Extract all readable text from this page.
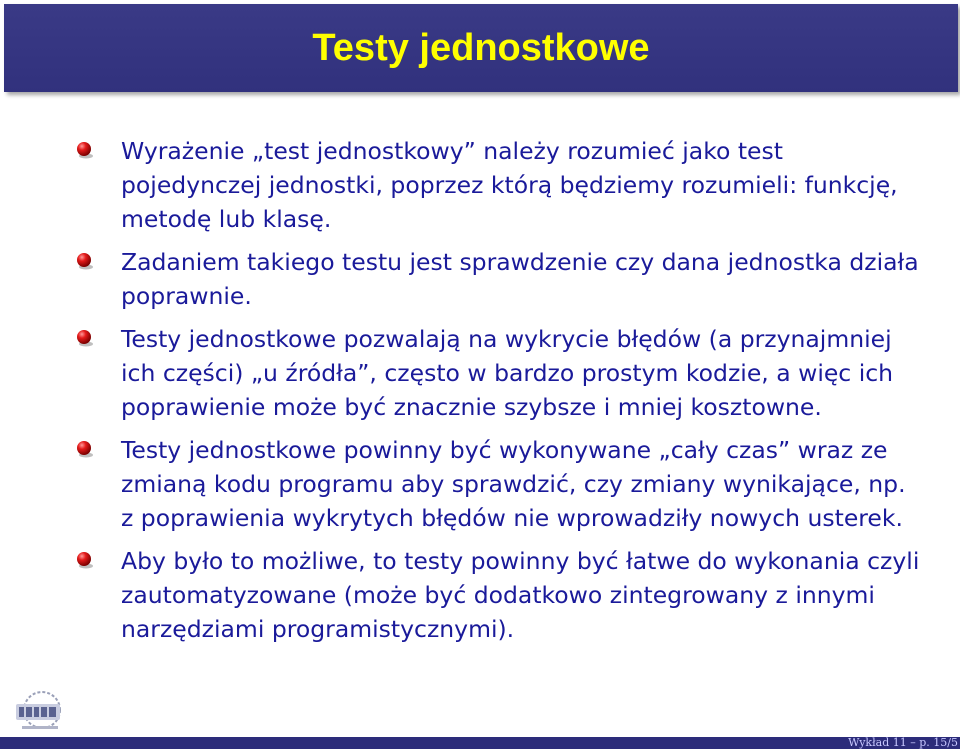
Testy jednostkowe
Wyrażenie „test jednostkowy” należy rozumieć jako test pojedynczej jednostki, poprzez którą będziemy rozumieli: funkcję, metodę lub klasę.
Zadaniem takiego testu jest sprawdzenie czy dana jednostka działa poprawnie.
Testy jednostkowe pozwalają na wykrycie błędów (a przynajmniej ich części) „u źródła”, często w bardzo prostym kodzie, a więc ich poprawienie może być znacznie szybsze i mniej kosztowne.
Testy jednostkowe powinny być wykonywane „cały czas” wraz ze zmianą kodu programu aby sprawdzić, czy zmiany wynikające, np. z poprawienia wykrytych błędów nie wprowadziły nowych usterek.
Aby było to możliwe, to testy powinny być łatwe do wykonania czyli zautomatyzowane (może być dodatkowo zintegrowany z innymi narzędziami programistycznymi).
Wykład 11 – p. 15/5
